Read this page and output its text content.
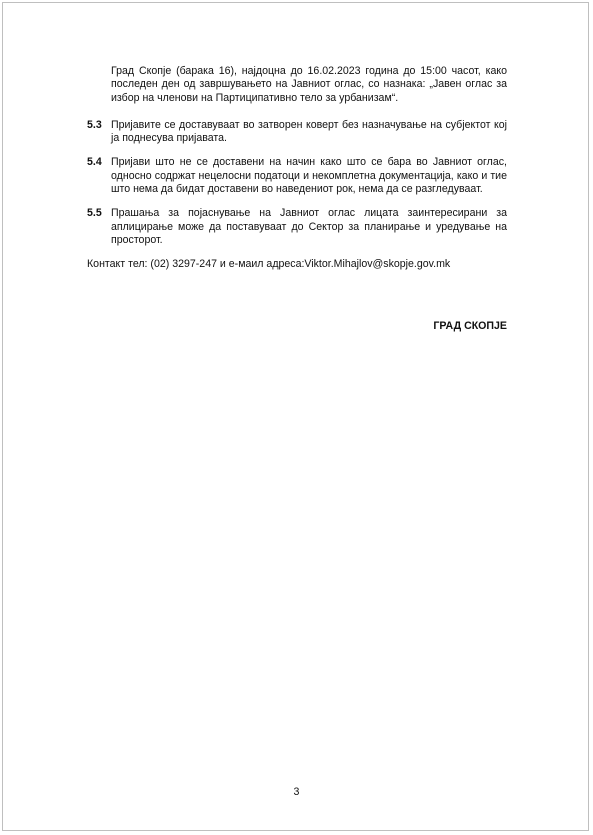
Град Скопје (барака 16), најдоцна до 16.02.2023 година до 15:00 часот, како последен ден од завршувањето на Јавниот оглас, со назнака: „Јавен оглас за избор на членови на Партиципативно тело за урбанизам“.
5.3 Пријавите се доставуваат во затворен коверт без назначување на субјектот кој ја поднесува пријавата.
5.4 Пријави што не се доставени на начин како што се бара во Јавниот оглас, односно содржат нецелосни податоци и некомплетна документација, како и тие што нема да бидат доставени во наведениот рок, нема да се разгледуваат.
5.5 Прашања за појаснување на Јавниот оглас лицата заинтересирани за аплицирање може да поставуваат до Сектор за планирање и уредување на просторот.
Контакт тел: (02) 3297-247 и е-маил адреса:Viktor.Mihajlov@skopje.gov.mk
ГРАД СКОПЈЕ
3
